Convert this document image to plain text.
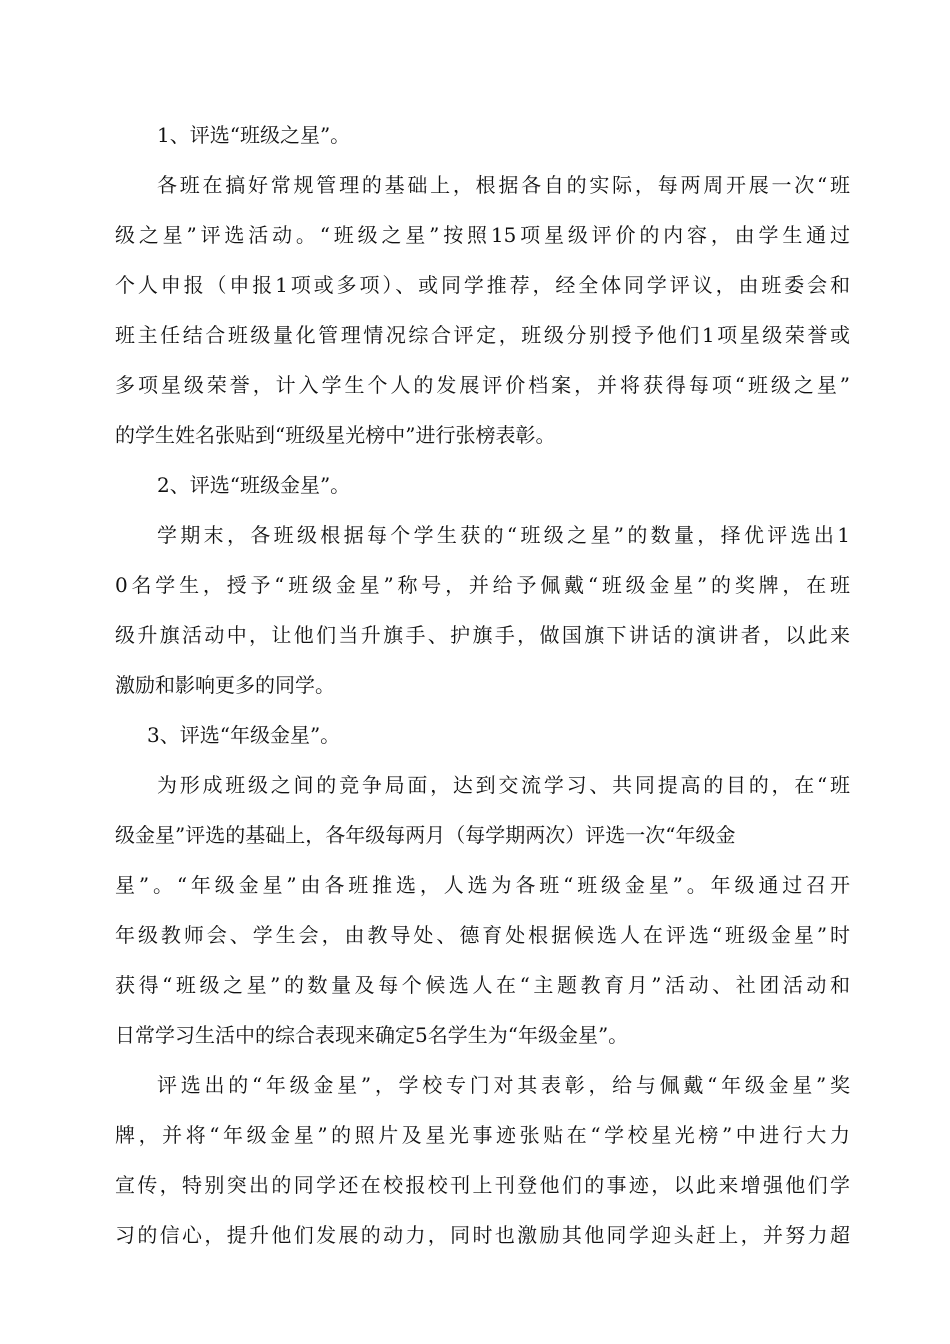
1、评选“班级之星”。
各班在搞好常规管理的基础上，根据各自的实际，每两周开展一次“班
级之星”评选活动。“班级之星”按照15项星级评价的内容，由学生通过
个人申报（申报1项或多项）、或同学推荐，经全体同学评议，由班委会和
班主任结合班级量化管理情况综合评定，班级分别授予他们1项星级荣誉或
多项星级荣誉，计入学生个人的发展评价档案，并将获得每项“班级之星”
的学生姓名张贴到“班级星光榜中”进行张榜表彰。
2、评选“班级金星”。
学期末，各班级根据每个学生获的“班级之星”的数量，择优评选出1
0名学生，授予“班级金星”称号，并给予佩戴“班级金星”的奖牌，在班
级升旗活动中，让他们当升旗手、护旗手，做国旗下讲话的演讲者，以此来
激励和影响更多的同学。
3、评选“年级金星”。
为形成班级之间的竞争局面，达到交流学习、共同提高的目的，在“班
级金星”评选的基础上，各年级每两月（每学期两次）评选一次“年级金
星”。“年级金星”由各班推选，人选为各班“班级金星”。年级通过召开
年级教师会、学生会，由教导处、德育处根据候选人在评选“班级金星”时
获得“班级之星”的数量及每个候选人在“主题教育月”活动、社团活动和
日常学习生活中的综合表现来确定5名学生为“年级金星”。
评选出的“年级金星”，学校专门对其表彰，给与佩戴“年级金星”奖
牌，并将“年级金星”的照片及星光事迹张贴在“学校星光榜”中进行大力
宣传，特别突出的同学还在校报校刊上刊登他们的事迹，以此来增强他们学
习的信心，提升他们发展的动力，同时也激励其他同学迎头赶上，并努力超
